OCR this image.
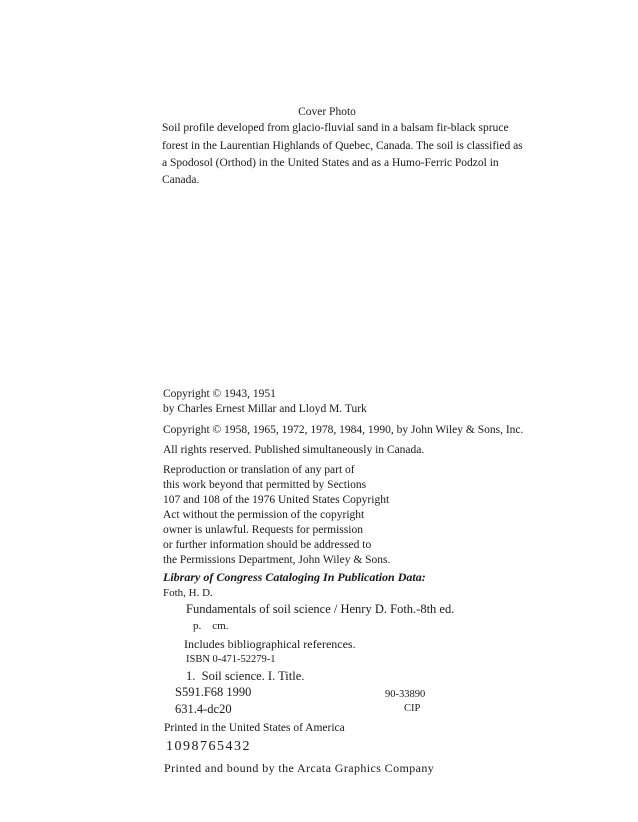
Cover Photo
Soil profile developed from glacio-fluvial sand in a balsam fir-black spruce
forest in the Laurentian Highlands of Quebec, Canada. The soil is classified as
a Spodosol (Orthod) in the United States and as a Humo-Ferric Podzol in
Canada.
Copyright © 1943, 1951
by Charles Ernest Millar and Lloyd M. Turk
Copyright © 1958, 1965, 1972, 1978, 1984, 1990, by John Wiley & Sons, Inc.
All rights reserved. Published simultaneously in Canada.
Reproduction or translation of any part of
this work beyond that permitted by Sections
107 and 108 of the 1976 United States Copyright
Act without the permission of the copyright
owner is unlawful. Requests for permission
or further information should be addressed to
the Permissions Department, John Wiley & Sons.
Library of Congress Cataloging In Publication Data:
Foth, H. D.
Fundamentals of soil science / Henry D. Foth.-8th ed.
p.    cm.
Includes bibliographical references.
ISBN 0-471-52279-1
1.  Soil science. I. Title.
S591.F68 1990
631.4-dc20
90-33890
CIP
Printed in the United States of America
1098765432
Printed and bound by the Arcata Graphics Company
